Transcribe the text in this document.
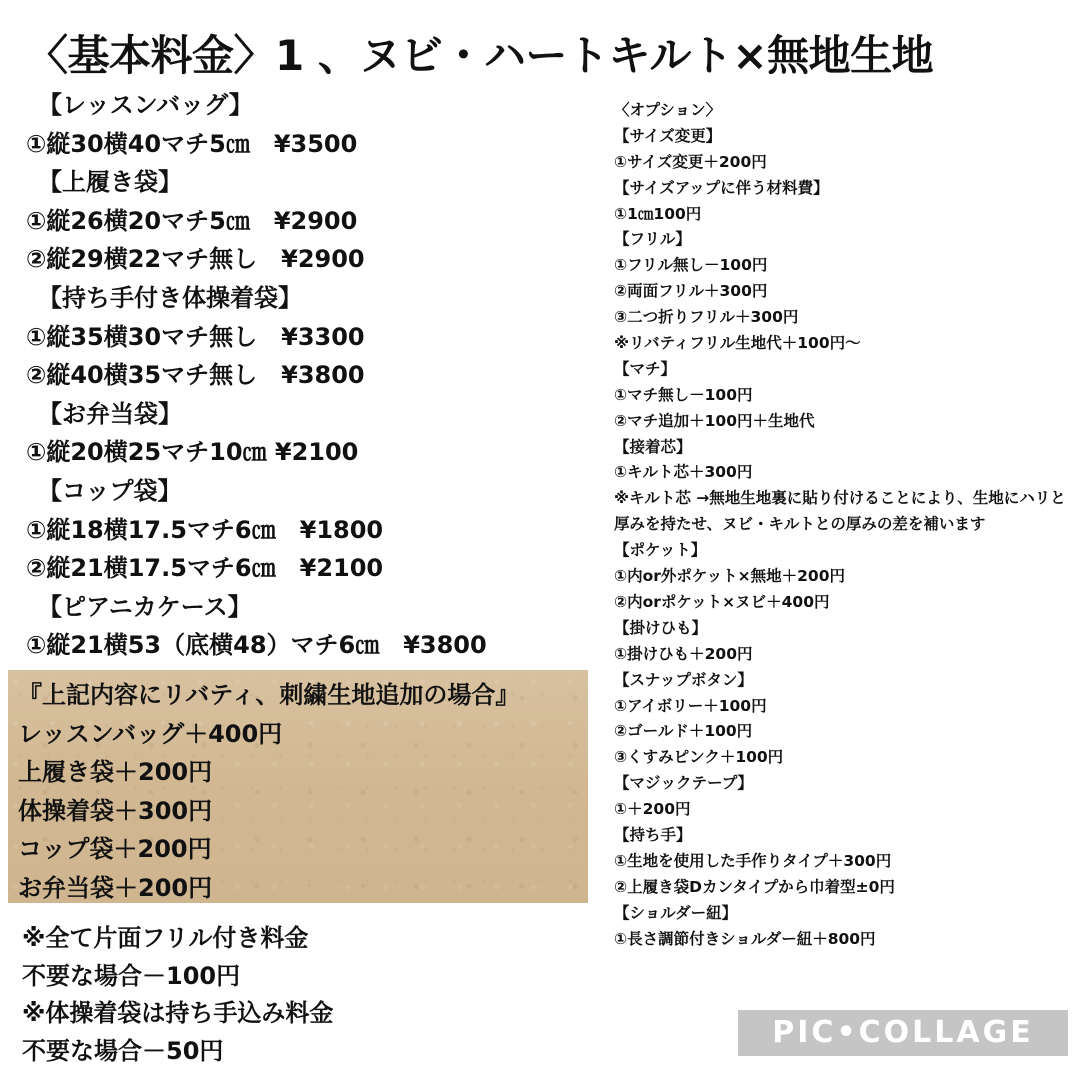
〈基本料金〉1 、ヌビ・ハートキルト×無地生地
【レッスンバッグ】
①縦30横40マチ5㎝　¥3500
【上履き袋】
①縦26横20マチ5㎝　¥2900
②縦29横22マチ無し　¥2900
【持ち手付き体操着袋】
①縦35横30マチ無し　¥3300
②縦40横35マチ無し　¥3800
【お弁当袋】
①縦20横25マチ10㎝ ¥2100
【コップ袋】
①縦18横17.5マチ6㎝　¥1800
②縦21横17.5マチ6㎝　¥2100
【ピアニカケース】
①縦21横53（底横48）マチ6㎝　¥3800
『上記内容にリバティ、刺繍生地追加の場合』
レッスンバッグ＋400円
上履き袋＋200円
体操着袋＋300円
コップ袋＋200円
お弁当袋＋200円
※全て片面フリル付き料金
不要な場合－100円
※体操着袋は持ち手込み料金
不要な場合－50円
〈オプション〉
【サイズ変更】
①サイズ変更＋200円
【サイズアップに伴う材料費】
①1㎝100円
【フリル】
①フリル無し－100円
②両面フリル＋300円
③二つ折りフリル＋300円
※リバティフリル生地代＋100円〜
【マチ】
①マチ無し－100円
②マチ追加＋100円＋生地代
【接着芯】
①キルト芯＋300円
※キルト芯 →無地生地裏に貼り付けることにより、生地にハリと厚みを持たせ、ヌビ・キルトとの厚みの差を補います
【ポケット】
①内or外ポケット×無地＋200円
②内orポケット×ヌビ＋400円
【掛けひも】
①掛けひも＋200円
【スナップボタン】
①アイボリー＋100円
②ゴールド＋100円
③くすみピンク＋100円
【マジックテープ】
①＋200円
【持ち手】
①生地を使用した手作りタイプ＋300円
②上履き袋Dカンタイプから巾着型±0円
【ショルダー紐】
①長さ調節付きショルダー紐＋800円
PIC•COLLAGE
